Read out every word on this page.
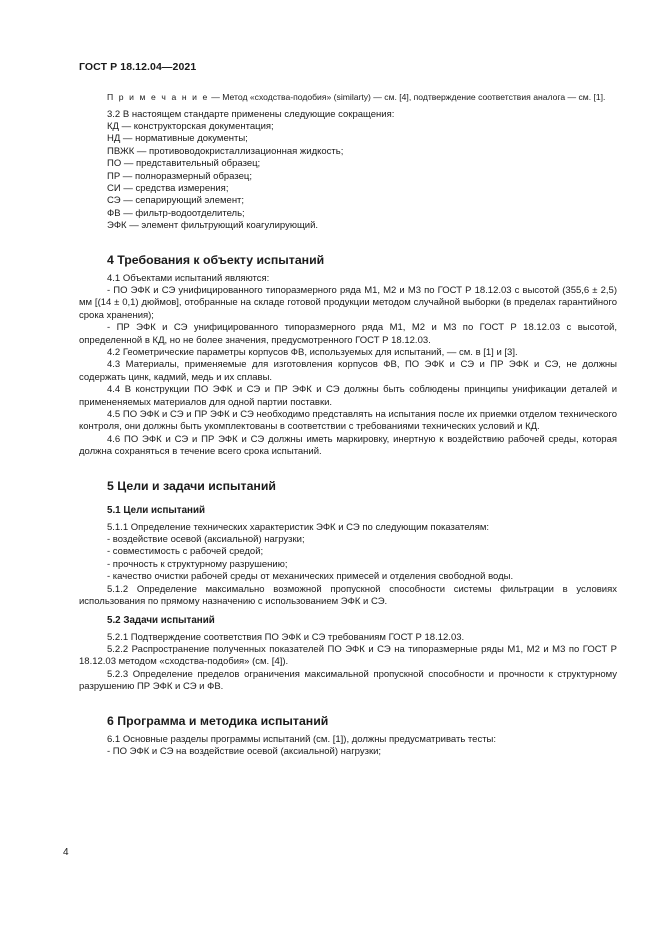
ГОСТ Р 18.12.04—2021

П р и м е ч а н и е — Метод «сходства-подобия» (similarty) — см. [4], подтверждение соответствия аналога — см. [1].

3.2 В настоящем стандарте применены следующие сокращения:

КД — конструкторская документация;

НД — нормативные документы;

ПВЖК — противоводокристаллизационная жидкость;

ПО — представительный образец;

ПР — полноразмерный образец;

СИ — средства измерения;

СЭ — сепарирующий элемент;

ФВ — фильтр-водоотделитель;

ЭФК — элемент фильтрующий коагулирующий.

4 Требования к объекту испытаний

4.1 Объектами испытаний являются:

- ПО ЭФК и СЭ унифицированного типоразмерного ряда М1, М2 и М3 по ГОСТ Р 18.12.03 с высотой (355,6 ± 2,5) мм [(14 ± 0,1) дюймов], отобранные на складе готовой продукции методом случайной выборки (в пределах гарантийного срока хранения);

- ПР ЭФК и СЭ унифицированного типоразмерного ряда М1, М2 и М3 по ГОСТ Р 18.12.03 с высотой, определенной в КД, но не более значения, предусмотренного ГОСТ Р 18.12.03.

4.2 Геометрические параметры корпусов ФВ, используемых для испытаний, — см. в [1] и [3].

4.3 Материалы, применяемые для изготовления корпусов ФВ, ПО ЭФК и СЭ и ПР ЭФК и СЭ, не должны содержать цинк, кадмий, медь и их сплавы.

4.4 В конструкции ПО ЭФК и СЭ и ПР ЭФК и СЭ должны быть соблюдены принципы унификации деталей и примененяемых материалов для одной партии поставки.

4.5 ПО ЭФК и СЭ и ПР ЭФК и СЭ необходимо представлять на испытания после их приемки отделом технического контроля, они должны быть укомплектованы в соответствии с требованиями технических условий и КД.

4.6 ПО ЭФК и СЭ и ПР ЭФК и СЭ должны иметь маркировку, инертную к воздействию рабочей среды, которая должна сохраняться в течение всего срока испытаний.

5 Цели и задачи испытаний
5.1 Цели испытаний

5.1.1 Определение технических характеристик ЭФК и СЭ по следующим показателям:

- воздействие осевой (аксиальной) нагрузки;

- совместимость с рабочей средой;

- прочность к структурному разрушению;

- качество очистки рабочей среды от механических примесей и отделения свободной воды.

5.1.2 Определение максимально возможной пропускной способности системы фильтрации в условиях использования по прямому назначению с использованием ЭФК и СЭ.

5.2 Задачи испытаний

5.2.1 Подтверждение соответствия ПО ЭФК и СЭ требованиям ГОСТ Р 18.12.03.

5.2.2 Распространение полученных показателей ПО ЭФК и СЭ на типоразмерные ряды М1, М2 и М3 по ГОСТ Р 18.12.03 методом «сходства-подобия» (см. [4]).

5.2.3 Определение пределов ограничения максимальной пропускной способности и прочности к структурному разрушению ПР ЭФК и СЭ и ФВ.

6 Программа и методика испытаний

6.1 Основные разделы программы испытаний (см. [1]), должны предусматривать тесты:

- ПО ЭФК и СЭ на воздействие осевой (аксиальной) нагрузки;

4
